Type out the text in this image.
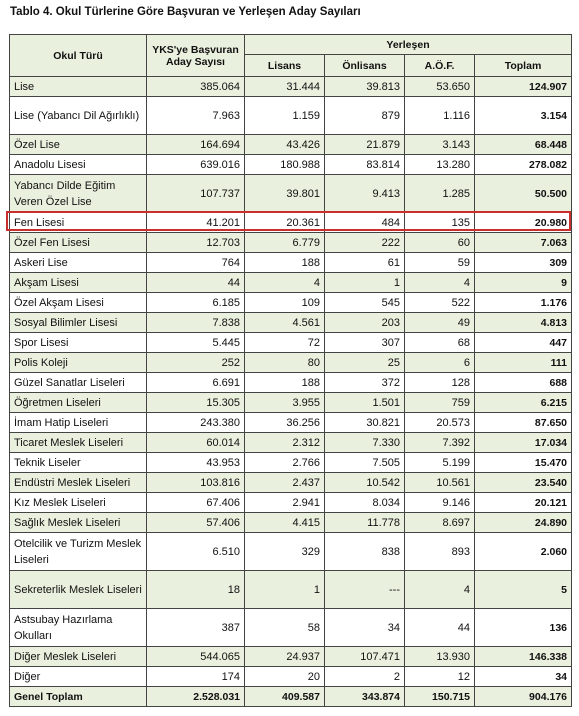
Tablo 4. Okul Türlerine Göre Başvuran ve Yerleşen Aday Sayıları
Okul Türü	YKS'ye Başvuran Aday Sayısı	Yerleşen			
		Lisans	Önlisans	A.Ö.F.	Toplam
Lise	385.064	31.444	39.813	53.650	124.907
Lise (Yabancı Dil Ağırlıklı)	7.963	1.159	879	1.116	3.154
Özel Lise	164.694	43.426	21.879	3.143	68.448
Anadolu Lisesi	639.016	180.988	83.814	13.280	278.082
Yabancı Dilde Eğitim Veren Özel Lise	107.737	39.801	9.413	1.285	50.500
Fen Lisesi	41.201	20.361	484	135	20.980
Özel Fen Lisesi	12.703	6.779	222	60	7.063
Askeri Lise	764	188	61	59	309
Akşam Lisesi	44	4	1	4	9
Özel Akşam Lisesi	6.185	109	545	522	1.176
Sosyal Bilimler Lisesi	7.838	4.561	203	49	4.813
Spor Lisesi	5.445	72	307	68	447
Polis Koleji	252	80	25	6	111
Güzel Sanatlar Liseleri	6.691	188	372	128	688
Öğretmen Liseleri	15.305	3.955	1.501	759	6.215
İmam Hatip Liseleri	243.380	36.256	30.821	20.573	87.650
Ticaret Meslek Liseleri	60.014	2.312	7.330	7.392	17.034
Teknik Liseler	43.953	2.766	7.505	5.199	15.470
Endüstri Meslek Liseleri	103.816	2.437	10.542	10.561	23.540
Kız Meslek Liseleri	67.406	2.941	8.034	9.146	20.121
Sağlık Meslek Liseleri	57.406	4.415	11.778	8.697	24.890
Otelcilik ve Turizm Meslek Liseleri	6.510	329	838	893	2.060
Sekreterlik Meslek Liseleri	18	1	---	4	5
Astsubay Hazırlama Okulları	387	58	34	44	136
Diğer Meslek Liseleri	544.065	24.937	107.471	13.930	146.338
Diğer	174	20	2	12	34
Genel Toplam	2.528.031	409.587	343.874	150.715	904.176
